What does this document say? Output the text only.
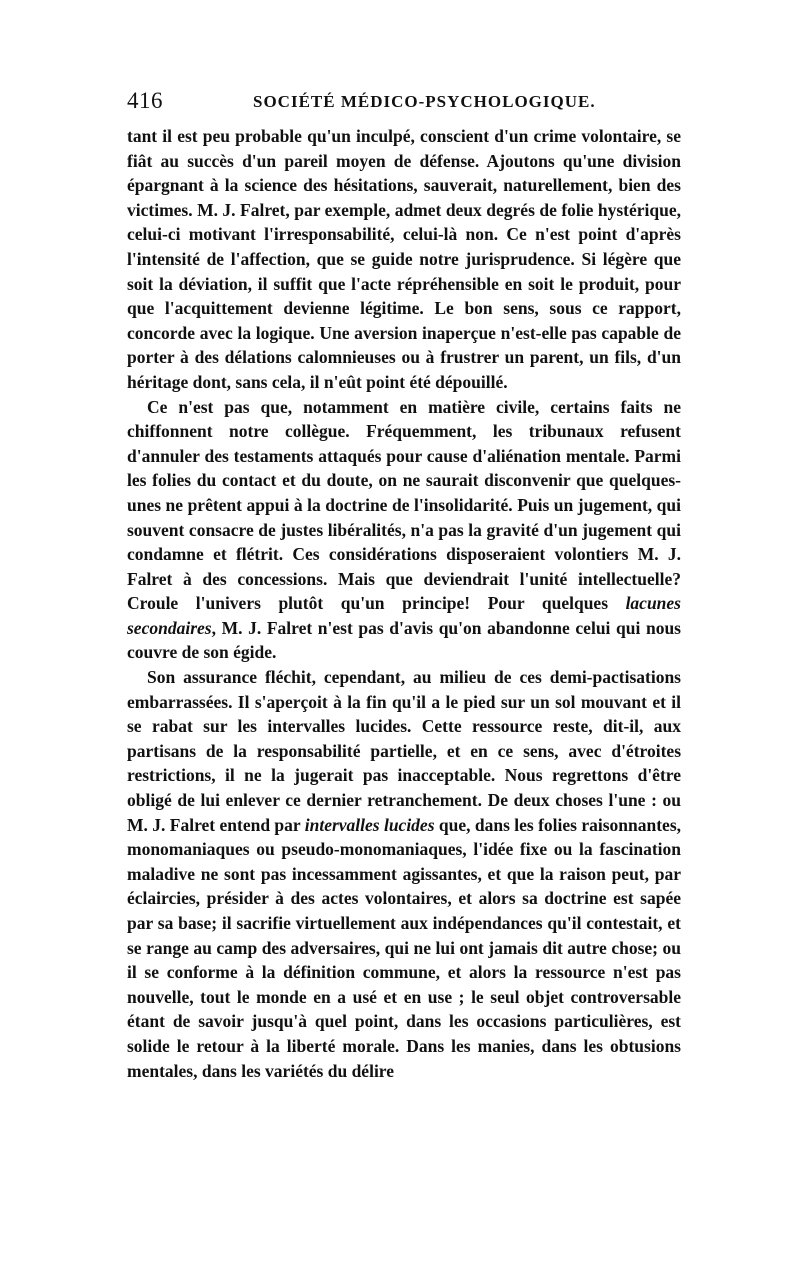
416	SOCIÉTÉ MÉDICO-PSYCHOLOGIQUE.

tant il est peu probable qu'un inculpé, conscient d'un crime volontaire, se fiât au succès d'un pareil moyen de défense. Ajoutons qu'une division épargnant à la science des hésitations, sauverait, naturellement, bien des victimes. M. J. Falret, par exemple, admet deux degrés de folie hystérique, celui-ci motivant l'irresponsabilité, celui-là non. Ce n'est point d'après l'intensité de l'affection, que se guide notre jurisprudence. Si légère que soit la déviation, il suffit que l'acte répréhensible en soit le produit, pour que l'acquittement devienne légitime. Le bon sens, sous ce rapport, concorde avec la logique. Une aversion inaperçue n'est-elle pas capable de porter à des délations calomnieuses ou à frustrer un parent, un fils, d'un héritage dont, sans cela, il n'eût point été dépouillé.

Ce n'est pas que, notamment en matière civile, certains faits ne chiffonnent notre collègue. Fréquemment, les tribunaux refusent d'annuler des testaments attaqués pour cause d'aliénation mentale. Parmi les folies du contact et du doute, on ne saurait disconvenir que quelques-unes ne prêtent appui à la doctrine de l'insolidarité. Puis un jugement, qui souvent consacre de justes libéralités, n'a pas la gravité d'un jugement qui condamne et flétrit. Ces considérations disposeraient volontiers M. J. Falret à des concessions. Mais que deviendrait l'unité intellectuelle? Croule l'univers plutôt qu'un principe! Pour quelques lacunes secondaires, M. J. Falret n'est pas d'avis qu'on abandonne celui qui nous couvre de son égide.

Son assurance fléchit, cependant, au milieu de ces demi-pactisations embarrassées. Il s'aperçoit à la fin qu'il a le pied sur un sol mouvant et il se rabat sur les intervalles lucides. Cette ressource reste, dit-il, aux partisans de la responsabilité partielle, et en ce sens, avec d'étroites restrictions, il ne la jugerait pas inacceptable. Nous regrettons d'être obligé de lui enlever ce dernier retranchement. De deux choses l'une : ou M. J. Falret entend par intervalles lucides que, dans les folies raisonnantes, monomaniaques ou pseudo-monomaniaques, l'idée fixe ou la fascination maladive ne sont pas incessamment agissantes, et que la raison peut, par éclaircies, présider à des actes volontaires, et alors sa doctrine est sapée par sa base; il sacrifie virtuellement aux indépendances qu'il contestait, et se range au camp des adversaires, qui ne lui ont jamais dit autre chose; ou il se conforme à la définition commune, et alors la ressource n'est pas nouvelle, tout le monde en a usé et en use ; le seul objet controversable étant de savoir jusqu'à quel point, dans les occasions particulières, est solide le retour à la liberté morale. Dans les manies, dans les obtusions mentales, dans les variétés du délire
